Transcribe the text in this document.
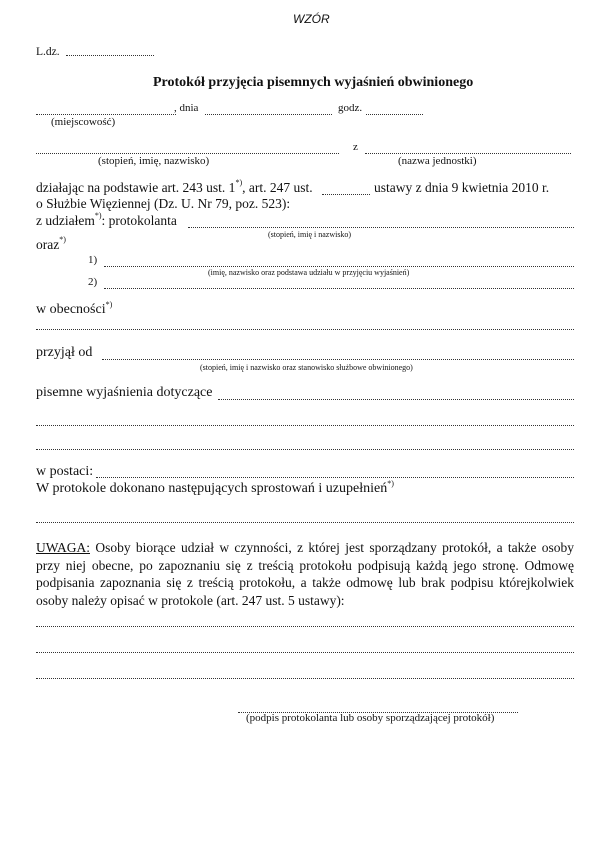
WZÓR
L.dz.
Protokół przyjęcia pisemnych wyjaśnień obwinionego
, dnia	godz.
(miejscowość)
z
(stopień, imię, nazwisko)	(nazwa jednostki)
działając na podstawie art. 243 ust. 1*), art. 247 ust.	ustawy z dnia 9 kwietnia 2010 r.
o Służbie Więziennej (Dz. U. Nr 79, poz. 523):
z udziałem*): protokolanta
(stopień, imię i nazwisko)
oraz*)
1)
(imię, nazwisko oraz podstawa udziału w przyjęciu wyjaśnień)
2)
w obecności*)
przyjął od
(stopień, imię i nazwisko oraz stanowisko służbowe obwinionego)
pisemne wyjaśnienia dotyczące
w postaci:
W protokole dokonano następujących sprostowań i uzupełnień*)
UWAGA: Osoby biorące udział w czynności, z której jest sporządzany protokół, a także osoby przy niej obecne, po zapoznaniu się z treścią protokołu podpisują każdą jego stronę. Odmowę podpisania zapoznania się z treścią protokołu, a także odmowę lub brak podpisu którejkolwiek osoby należy opisać w protokole (art. 247 ust. 5 ustawy):
(podpis protokolanta lub osoby sporządzającej protokół)
